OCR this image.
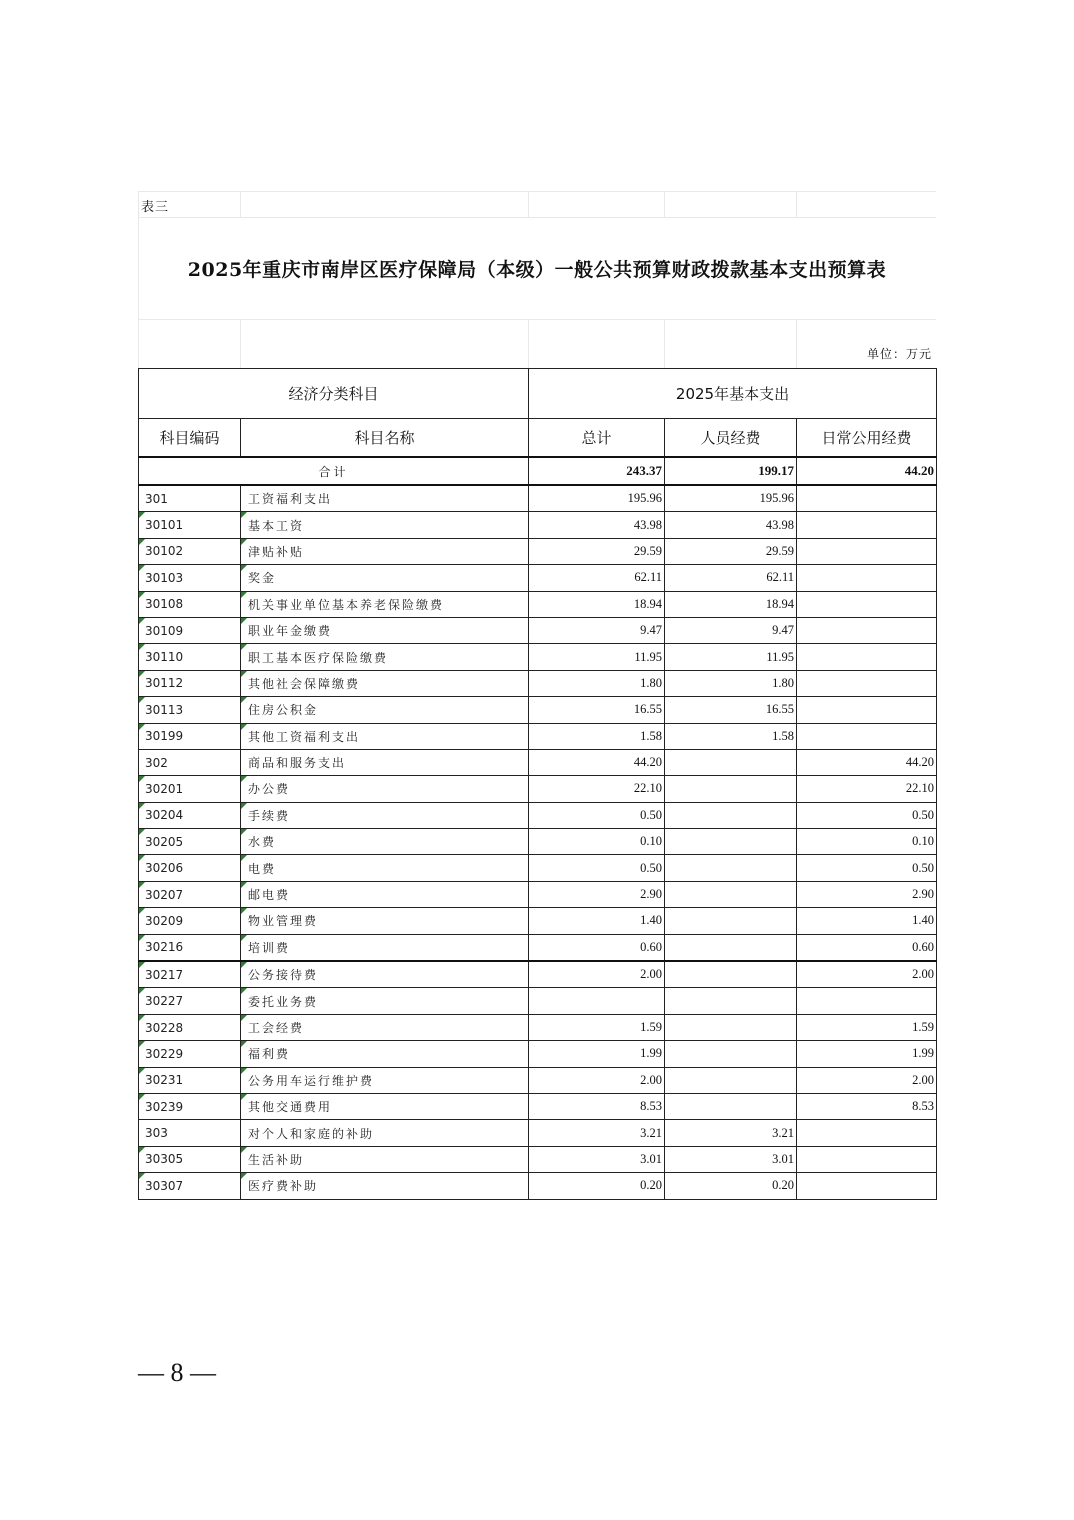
表三
2025年重庆市南岸区医疗保障局（本级）一般公共预算财政拨款基本支出预算表
单位：万元
经济分类科目		2025年基本支出		
科目编码	科目名称	总计	人员经费	日常公用经费
合计		243.37	199.17	44.20
301	工资福利支出	195.96	195.96	

30101	基本工资	43.98	43.98	

30102	津贴补贴	29.59	29.59	

30103	奖金	62.11	62.11	

30108	机关事业单位基本养老保险缴费	18.94	18.94	

30109	职业年金缴费	9.47	9.47	

30110	职工基本医疗保险缴费	11.95	11.95	

30112	其他社会保障缴费	1.80	1.80	

30113	住房公积金	16.55	16.55	

30199	其他工资福利支出	1.58	1.58	
302	商品和服务支出	44.20		44.20

30201	办公费	22.10		22.10

30204	手续费	0.50		0.50

30205	水费	0.10		0.10

30206	电费	0.50		0.50

30207	邮电费	2.90		2.90

30209	物业管理费	1.40		1.40

30216	培训费	0.60		0.60

30217	公务接待费	2.00		2.00

30227	委托业务费			

30228	工会经费	1.59		1.59

30229	福利费	1.99		1.99

30231	公务用车运行维护费	2.00		2.00

30239	其他交通费用	8.53		8.53
303	对个人和家庭的补助	3.21	3.21	

30305	生活补助	3.01	3.01	

30307	医疗费补助	0.20	0.20	
— 8 —
